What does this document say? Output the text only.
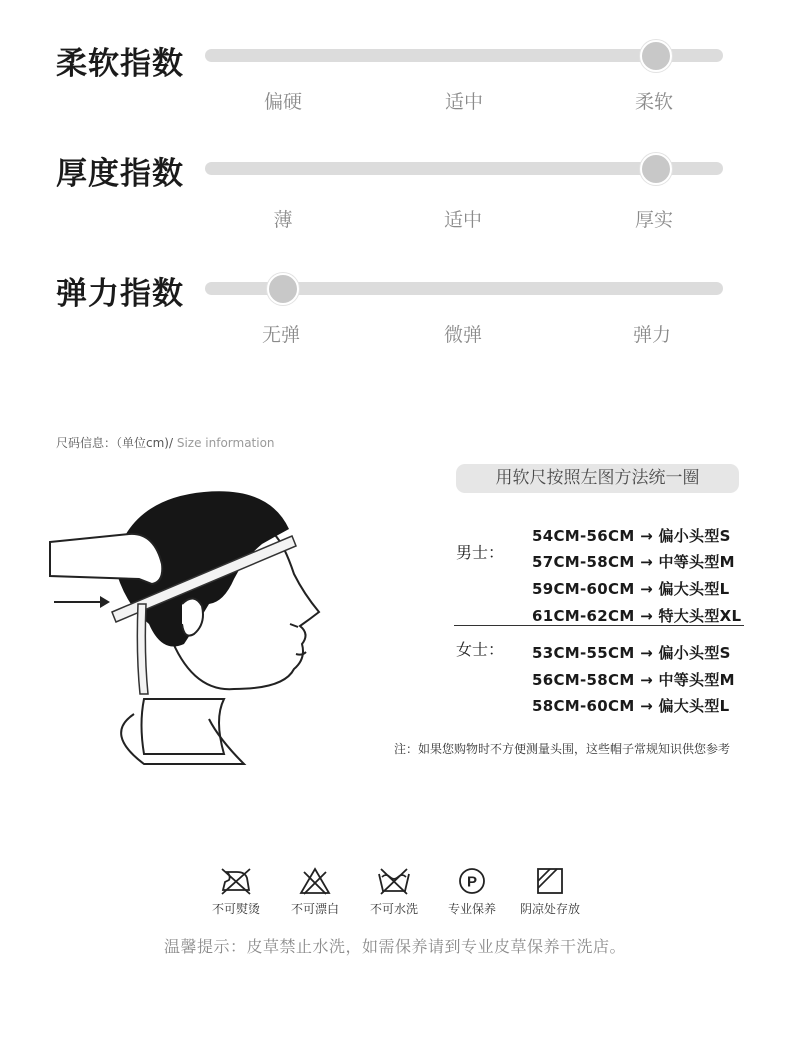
柔软指数
偏硬	适中	柔软
厚度指数
薄	适中	厚实
弹力指数
无弹	微弹	弹力
尺码信息：（单位cm)/ Size information
用软尺按照左图方法统一圈
男士：
54CM-56CM → 偏小头型S
57CM-58CM → 中等头型M
59CM-60CM → 偏大头型L
61CM-62CM → 特大头型XL
女士： 53CM-55CM → 偏小头型S
56CM-58CM → 中等头型M
58CM-60CM → 偏大头型L
注：如果您购物时不方便测量头围，这些帽子常规知识供您参考
不可熨烫	不可漂白	不可水洗
P
专业保养	阴凉处存放
温馨提示：皮草禁止水洗，如需保养请到专业皮草保养干洗店。
